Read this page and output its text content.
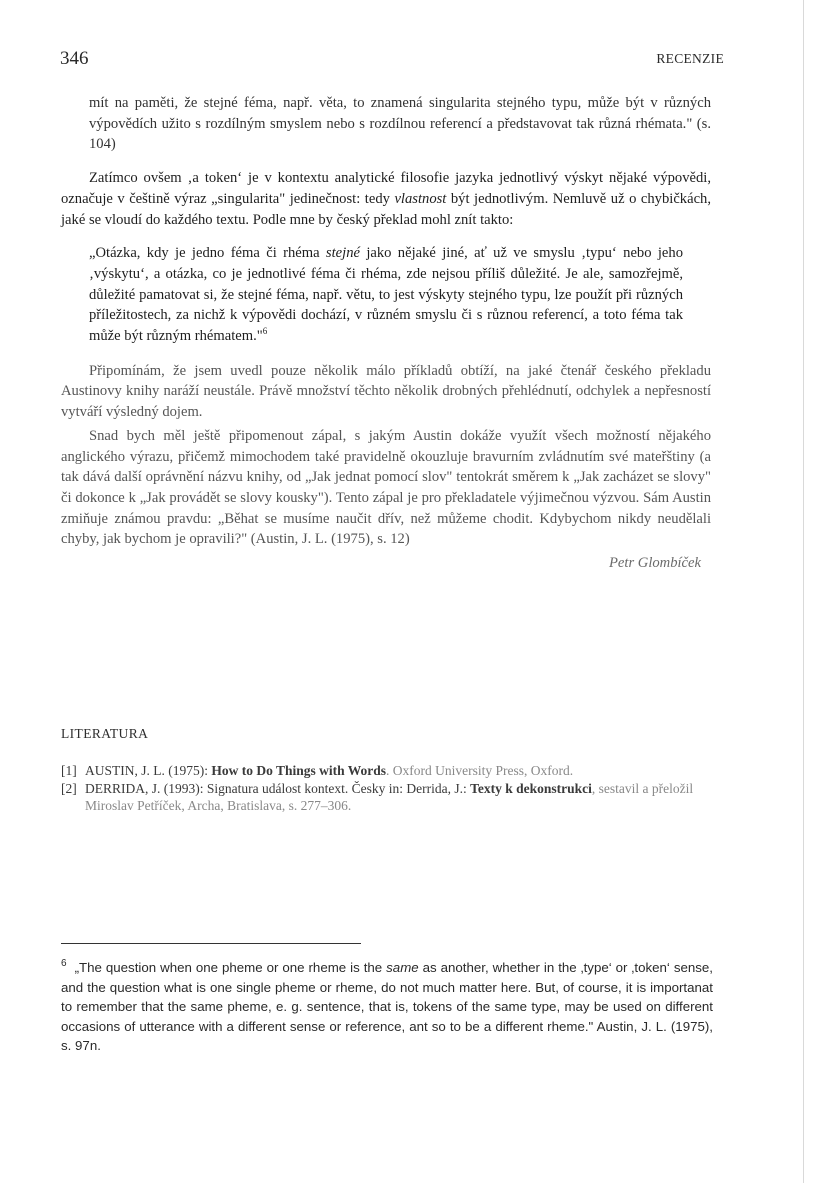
346	RECENZIE

mít na paměti, že stejné féma, např. věta, to znamená singularita stejného typu, může být v různých výpovědích užito s rozdílným smyslem nebo s rozdílnou referencí a představovat tak různá rhémata." (s. 104)

Zatímco ovšem ‚a token‘ je v kontextu analytické filosofie jazyka jednotlivý výskyt nějaké výpovědi, označuje v češtině výraz „singularita" jedinečnost: tedy vlastnost být jednotlivým. Nemluvě už o chybičkách, jaké se vloudí do každého textu. Podle mne by český překlad mohl znít takto:

„Otázka, kdy je jedno féma či rhéma stejné jako nějaké jiné, ať už ve smyslu ‚typu‘ nebo jeho ‚výskytu‘, a otázka, co je jednotlivé féma či rhéma, zde nejsou příliš důležité. Je ale, samozřejmě, důležité pamatovat si, že stejné féma, např. větu, to jest výskyty stejného typu, lze použít při různých příležitostech, za nichž k výpovědi dochází, v různém smyslu či s různou referencí, a toto féma tak může být různým rhématem."$^6$

Připomínám, že jsem uvedl pouze několik málo příkladů obtíží, na jaké čtenář českého překladu Austinovy knihy naráží neustále. Právě množství těchto několik drobných přehlédnutí, odchylek a nepřesností vytváří výsledný dojem.

Snad bych měl ještě připomenout zápal, s jakým Austin dokáže využít všech možností nějakého anglického výrazu, přičemž mimochodem také pravidelně okouzluje bravurním zvládnutím své mateřštiny (a tak dává další oprávnění názvu knihy, od „Jak jednat pomocí slov" tentokrát směrem k „Jak zacházet se slovy" či dokonce k „Jak provádět se slovy kousky"). Tento zápal je pro překladatele výjimečnou výzvou. Sám Austin zmiňuje známou pravdu: „Běhat se musíme naučit dřív, než můžeme chodit. Kdybychom nikdy neudělali chyby, jak bychom je opravili?" (Austin, J. L. (1975), s. 12)

Petr Glombíček

LITERATURA
[1] AUSTIN, J. L. (1975): How to Do Things with Words. Oxford University Press, Oxford.
[2] DERRIDA, J. (1993): Signatura událost kontext. Česky in: Derrida, J.: Texty k dekonstrukci, sestavil a přeložil Miroslav Petříček, Archa, Bratislava, s. 277–306.
$^6$ „The question when one pheme or one rheme is the same as another, whether in the ‚type‘ or ‚token‘ sense, and the question what is one single pheme or rheme, do not much matter here. But, of course, it is importanat to remember that the same pheme, e. g. sentence, that is, tokens of the same type, may be used on different occasions of utterance with a different sense or reference, ant so to be a different rheme." Austin, J. L. (1975), s. 97n.
